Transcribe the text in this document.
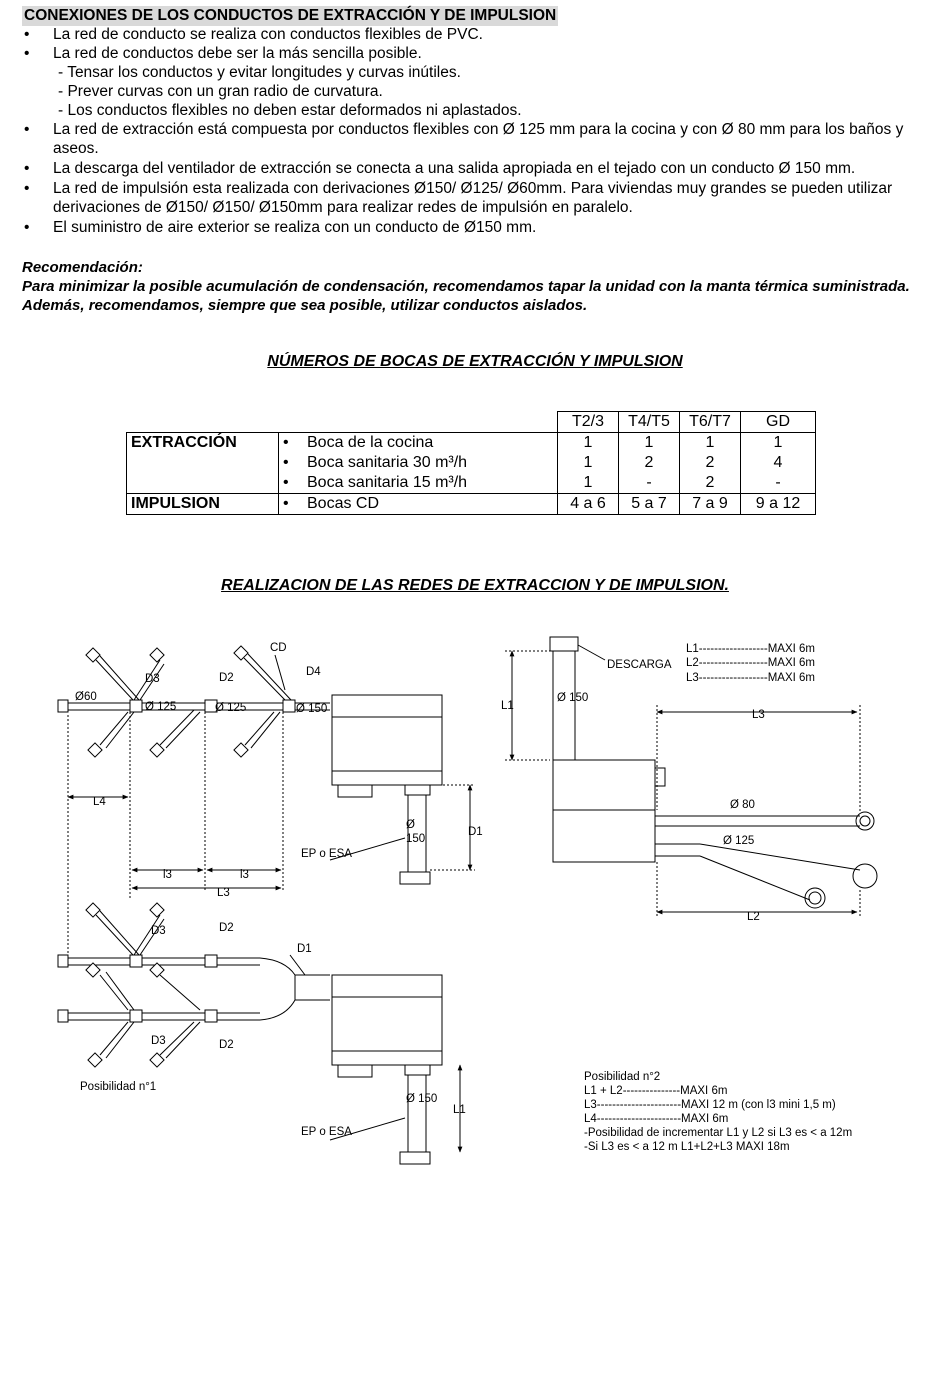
CONEXIONES DE LOS CONDUCTOS DE EXTRACCIÓN Y DE IMPULSION

• La red de conducto se realiza con conductos flexibles de PVC.

• La red de conductos debe ser la más sencilla posible.

- Tensar los conductos y evitar longitudes y curvas inútiles.

- Prever curvas con un gran radio de curvatura.

- Los conductos flexibles no deben estar deformados ni aplastados.

• La red de extracción está compuesta por conductos flexibles con Ø 125 mm para la cocina y con Ø 80 mm para los baños y aseos.

• La descarga del ventilador de extracción se conecta a una salida apropiada en el tejado con un conducto Ø 150 mm.

• La red de impulsión esta realizada con derivaciones Ø150/ Ø125/ Ø60mm. Para viviendas muy grandes se pueden utilizar derivaciones de Ø150/ Ø150/ Ø150mm para realizar redes de impulsión en paralelo.

• El suministro de aire exterior se realiza con un conducto de Ø150 mm.

Recomendación:
Para minimizar la posible acumulación de condensación, recomendamos tapar la unidad con la manta térmica suministrada. Además, recomendamos, siempre que sea posible, utilizar conductos aislados.
NÚMEROS DE BOCAS DE EXTRACCIÓN Y IMPULSION
		T2/3	T4/T5	T6/T7	GD
EXTRACCIÓN	• Boca de la cocina	1	1	1	1
	• Boca sanitaria 30 m³/h	1	2	2	4
	• Boca sanitaria 15 m³/h	1	-	2	-
IMPULSION	• Bocas CD	4 a 6	5 a 7	7 a 9	9 a 12
REALIZACION DE LAS REDES DE EXTRACCION Y DE IMPULSION.
CD
D4
D3	D2
Ø60
Ø 125	Ø 125	Ø 150
L4
Ø
150
D1
EP o ESA
l3	l3
L3
D3	D2
D1
D3	D2
Posibilidad n°1
Ø 150
L1
EP o ESA
DESCARGA
L1------------------MAXI 6m
L2------------------MAXI 6m
L3------------------MAXI 6m
Ø 150
L1
L3
Ø 80
Ø 125
L2
Posibilidad n°2
L1 + L2---------------MAXI 6m
L3----------------------MAXI 12 m (con l3 mini 1,5 m)
L4----------------------MAXI 6m
-Posibilidad de incrementar L1 y L2 si L3 es < a 12m
-Si L3 es < a 12 m L1+L2+L3 MAXI 18m
